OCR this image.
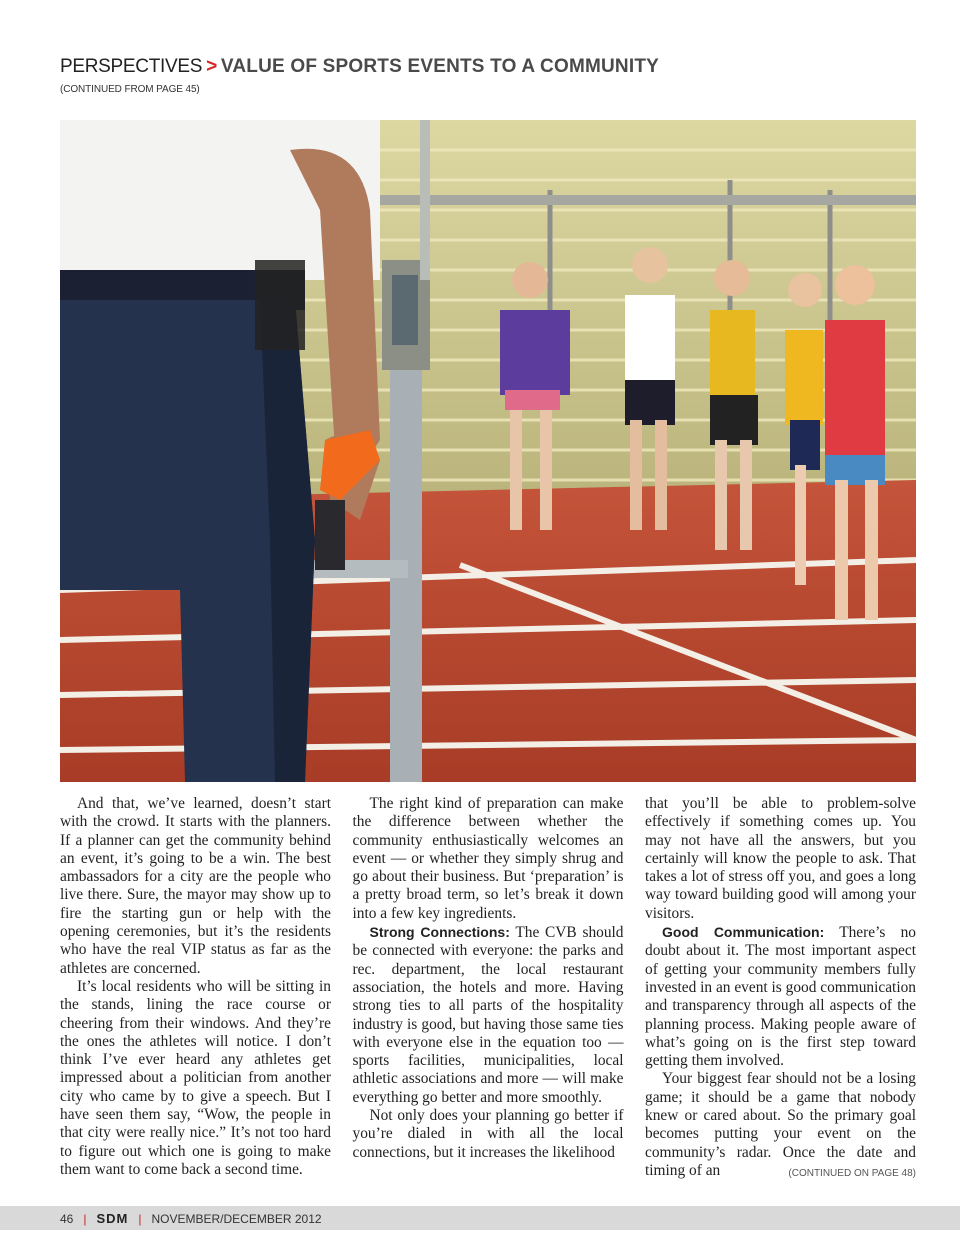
PERSPECTIVES > VALUE OF SPORTS EVENTS TO A COMMUNITY
(CONTINUED FROM PAGE 45)

And that, we’ve learned, doesn’t start with the crowd. It starts with the planners. If a planner can get the community behind an event, it’s going to be a win. The best ambassadors for a city are the people who live there. Sure, the mayor may show up to fire the starting gun or help with the opening ceremonies, but it’s the residents who have the real VIP status as far as the athletes are concerned.

It’s local residents who will be sitting in the stands, lining the race course or cheering from their windows. And they’re the ones the athletes will notice. I don’t think I’ve ever heard any athletes get impressed about a politician from another city who came by to give a speech. But I have seen them say, “Wow, the people in that city were really nice.” It’s not too hard to figure out which one is going to make them want to come back a second time.

The right kind of preparation can make the difference between whether the community enthusiastically welcomes an event — or whether they simply shrug and go about their business. But ‘preparation’ is a pretty broad term, so let’s break it down into a few key ingredients.

Strong Connections: The CVB should be connected with everyone: the parks and rec. department, the local restaurant association, the hotels and more. Having strong ties to all parts of the hospitality industry is good, but having those same ties with everyone else in the equation too — sports facilities, municipalities, local athletic associations and more — will make everything go better and more smoothly.

Not only does your planning go better if you’re dialed in with all the local connections, but it increases the likelihood

that you’ll be able to problem-solve effectively if something comes up. You may not have all the answers, but you certainly will know the people to ask. That takes a lot of stress off you, and goes a long way toward building good will among your visitors.

Good Communication: There’s no doubt about it. The most important aspect of getting your community members fully invested in an event is good communication and transparency through all aspects of the planning process. Making people aware of what’s going on is the first step toward getting them involved.

Your biggest fear should not be a losing game; it should be a game that nobody knew or cared about. So the primary goal becomes putting your event on the community’s radar. Once the date and timing of an	(CONTINUED ON PAGE 48)

46 | SDM | NOVEMBER/DECEMBER 2012
